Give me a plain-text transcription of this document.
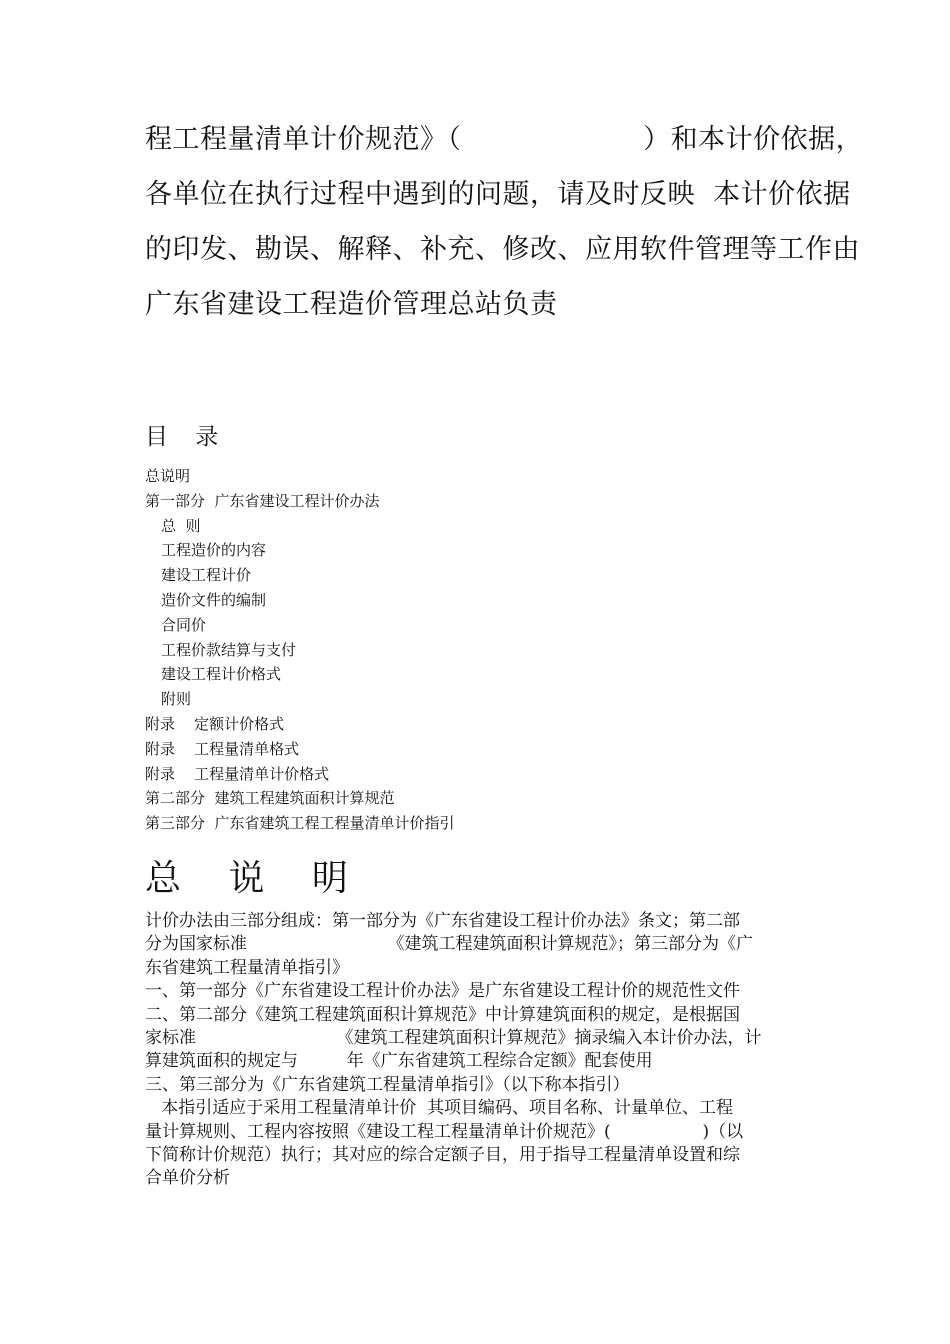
程工程量清单计价规范》（                    ）和本计价依据，
各单位在执行过程中遇到的问题，请及时反映  本计价依据
的印发、勘误、解释、补充、修改、应用软件管理等工作由
广东省建设工程造价管理总站负责
目 录
总说明
第一部分  广东省建设工程计价办法
总  则
工程造价的内容
建设工程计价
造价文件的编制
合同价
工程价款结算与支付
建设工程计价格式
附则
附录    定额计价格式
附录    工程量清单格式
附录    工程量清单计价格式
第二部分  建筑工程建筑面积计算规范
第三部分  广东省建筑工程工程量清单计价指引
总 说 明
计价办法由三部分组成：第一部分为《广东省建设工程计价办法》条文；第二部
分为国家标准                          《建筑工程建筑面积计算规范》；第三部分为《广
东省建筑工程量清单指引》
一、第一部分《广东省建设工程计价办法》是广东省建设工程计价的规范性文件
二、第二部分《建筑工程建筑面积计算规范》中计算建筑面积的规定，是根据国
家标准                          《建筑工程建筑面积计算规范》摘录编入本计价办法，计
算建筑面积的规定与         年《广东省建筑工程综合定额》配套使用
三、第三部分为《广东省建筑工程量清单指引》（以下称本指引）
本指引适应于采用工程量清单计价  其项目编码、项目名称、计量单位、工程
量计算规则、工程内容按照《建设工程工程量清单计价规范》(                 )（以
下简称计价规范）执行；其对应的综合定额子目，用于指导工程量清单设置和综
合单价分析
